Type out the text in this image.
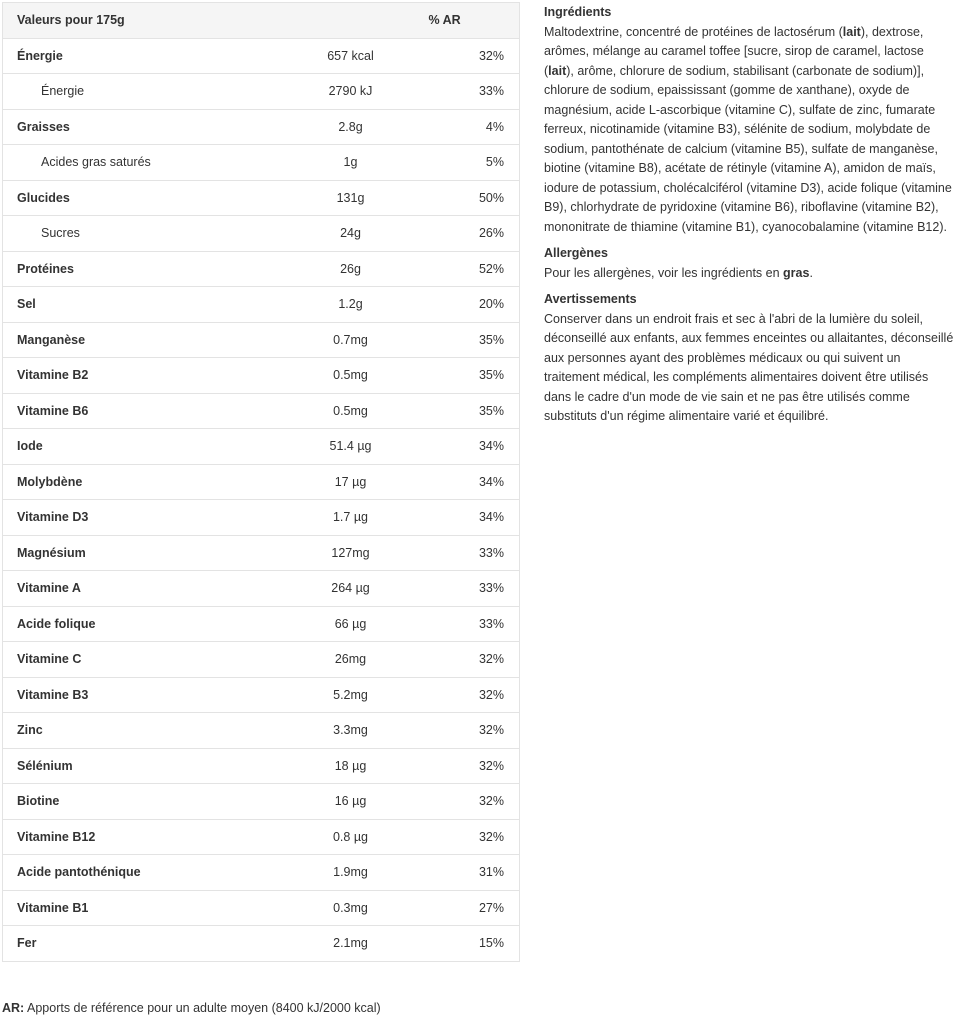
Valeurs pour 175g		% AR
Énergie	657 kcal	32%
Énergie	2790 kJ	33%
Graisses	2.8g	4%
Acides gras saturés	1g	5%
Glucides	131g	50%
Sucres	24g	26%
Protéines	26g	52%
Sel	1.2g	20%
Manganèse	0.7mg	35%
Vitamine B2	0.5mg	35%
Vitamine B6	0.5mg	35%
Iode	51.4 µg	34%
Molybdène	17 µg	34%
Vitamine D3	1.7 µg	34%
Magnésium	127mg	33%
Vitamine A	264 µg	33%
Acide folique	66 µg	33%
Vitamine C	26mg	32%
Vitamine B3	5.2mg	32%
Zinc	3.3mg	32%
Sélénium	18 µg	32%
Biotine	16 µg	32%
Vitamine B12	0.8 µg	32%
Acide pantothénique	1.9mg	31%
Vitamine B1	0.3mg	27%
Fer	2.1mg	15%
AR: Apports de référence pour un adulte moyen (8400 kJ/2000 kcal)
Ingrédients

Maltodextrine, concentré de protéines de lactosérum (lait), dextrose, arômes, mélange au caramel toffee [sucre, sirop de caramel, lactose (lait), arôme, chlorure de sodium, stabilisant (carbonate de sodium)], chlorure de sodium, epaississant (gomme de xanthane), oxyde de magnésium, acide L-ascorbique (vitamine C), sulfate de zinc, fumarate ferreux, nicotinamide (vitamine B3), sélénite de sodium, molybdate de sodium, pantothénate de calcium (vitamine B5), sulfate de manganèse, biotine (vitamine B8), acétate de rétinyle (vitamine A), amidon de maïs, iodure de potassium, cholécalciférol (vitamine D3), acide folique (vitamine B9), chlorhydrate de pyridoxine (vitamine B6), riboflavine (vitamine B2), mononitrate de thiamine (vitamine B1), cyanocobalamine (vitamine B12).

Allergènes

Pour les allergènes, voir les ingrédients en gras.

Avertissements

Conserver dans un endroit frais et sec à l'abri de la lumière du soleil, déconseillé aux enfants, aux femmes enceintes ou allaitantes, déconseillé aux personnes ayant des problèmes médicaux ou qui suivent un traitement médical, les compléments alimentaires doivent être utilisés dans le cadre d'un mode de vie sain et ne pas être utilisés comme substituts d'un régime alimentaire varié et équilibré.
